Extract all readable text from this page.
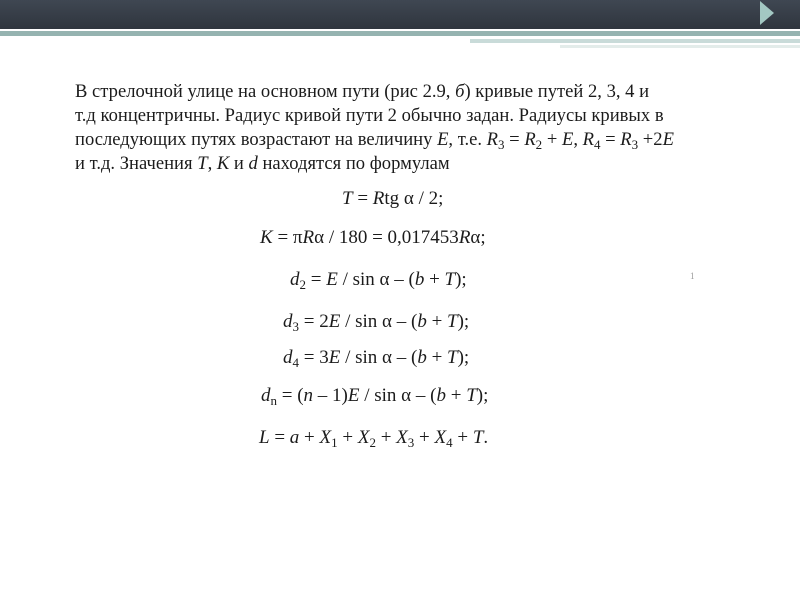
В стрелочной улице на основном пути (рис 2.9, б) кривые путей 2, 3, 4 и
т.д концентричны. Радиус кривой пути 2 обычно задан. Радиусы кривых в
последующих путях возрастают на величину E, т.е. $R_3 = R_2 + E$, $R_4 = R_3 +2E$
и т.д. Значения T, K и d находятся по формулам
T = Rtg α / 2;
K = πRα / 180 = 0,017453Rα;
$d_2 = E / \sin \alpha - (b + T)$;
$d_3 = 2E / \sin \alpha - (b + T)$;
$d_4 = 3E / \sin \alpha - (b + T)$;
$d_n = (n - 1)E / \sin \alpha - (b + T)$;
$L = a + X_1 + X_2 + X_3 + X_4 + T$.
1
